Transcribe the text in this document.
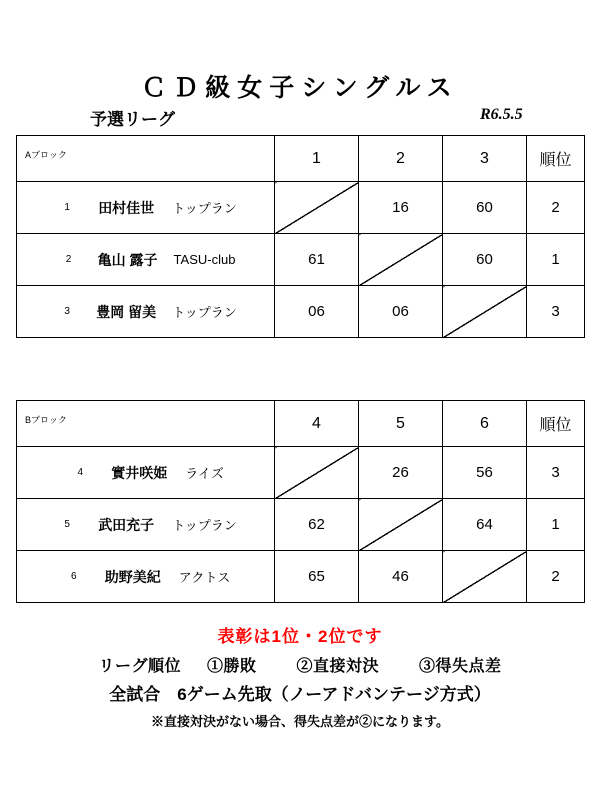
ＣＤ級女子シングルス
予選リーグ	R6.5.5
Aブロック	1	2	3	順位
1 田村佳世 トップラン		16	60	2
2 亀山 露子 TASU-club	61		60	1
3 豊岡 留美 トップラン	06	06		3
Bブロック	4	5	6	順位
4 實井咲姫 ライズ		26	56	3
5 武田充子 トップラン	62		64	1
6 助野美紀 アクトス	65	46		2
表彰は1位・2位です
リーグ順位 ①勝敗	②直接対決	③得失点差
全試合　6ゲーム先取（ノーアドバンテージ方式）
※直接対決がない場合、得失点差が②になります。
